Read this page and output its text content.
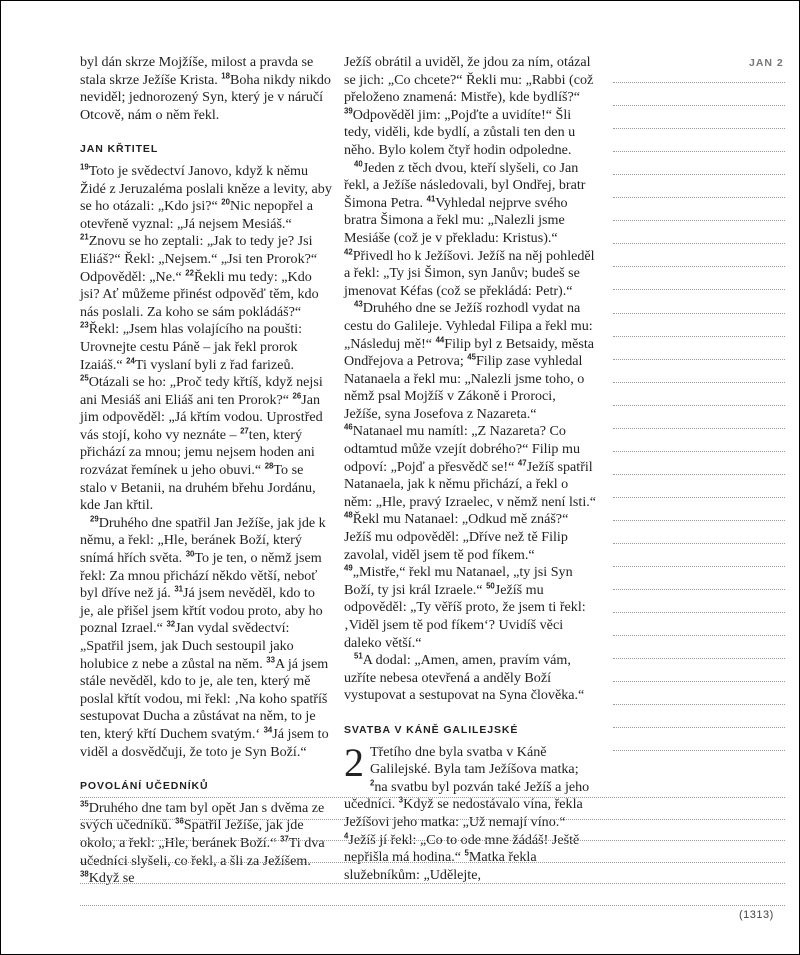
JAN 2

byl dán skrze Mojžíše, milost a pravda se stala skrze Ježíše Krista. $^{18}$Boha nikdy nikdo neviděl; jednorozený Syn, který je v náručí Otcově, nám o něm řekl.

JAN KŘTITEL

$^{19}$Toto je svědectví Janovo, když k němu Židé z Jeruzaléma poslali kněze a levity, aby se ho otázali: „Kdo jsi?“ $^{20}$Nic nepopřel a otevřeně vyznal: „Já nejsem Mesiáš.“ $^{21}$Znovu se ho zeptali: „Jak to tedy je? Jsi Eliáš?“ Řekl: „Nejsem.“ „Jsi ten Prorok?“ Odpověděl: „Ne.“ $^{22}$Řekli mu tedy: „Kdo jsi? Ať můžeme přinést odpověď těm, kdo nás poslali. Za koho se sám pokládáš?“ $^{23}$Řekl: „Jsem hlas volajícího na poušti: Urovnejte cestu Páně – jak řekl prorok Izaiáš.“ $^{24}$Ti vyslaní byli z řad farizeů. $^{25}$Otázali se ho: „Proč tedy křtíš, když nejsi ani Mesiáš ani Eliáš ani ten Prorok?“ $^{26}$Jan jim odpověděl: „Já křtím vodou. Uprostřed vás stojí, koho vy neznáte – $^{27}$ten, který přichází za mnou; jemu nejsem hoden ani rozvázat řemínek u jeho obuvi.“ $^{28}$To se stalo v Betanii, na druhém břehu Jordánu, kde Jan křtil.

$^{29}$Druhého dne spatřil Jan Ježíše, jak jde k němu, a řekl: „Hle, beránek Boží, který snímá hřích světa. $^{30}$To je ten, o němž jsem řekl: Za mnou přichází někdo větší, neboť byl dříve než já. $^{31}$Já jsem nevěděl, kdo to je, ale přišel jsem křtít vodou proto, aby ho poznal Izrael.“ $^{32}$Jan vydal svědectví: „Spatřil jsem, jak Duch sestoupil jako holubice z nebe a zůstal na něm. $^{33}$A já jsem stále nevěděl, kdo to je, ale ten, který mě poslal křtít vodou, mi řekl: ‚Na koho spatříš sestupovat Ducha a zůstávat na něm, to je ten, který křtí Duchem svatým.‘ $^{34}$Já jsem to viděl a dosvědčuji, že toto je Syn Boží.“

POVOLÁNÍ UČEDNÍKŮ

$^{35}$Druhého dne tam byl opět Jan s dvěma ze svých učedníků. $^{36}$Spatřil Ježíše, jak jde okolo, a řekl: „Hle, beránek Boží.“ $^{37}$Ti dva učedníci slyšeli, co řekl, a šli za Ježíšem. $^{38}$Když se

Ježíš obrátil a uviděl, že jdou za ním, otázal se jich: „Co chcete?“ Řekli mu: „Rabbi (což přeloženo znamená: Mistře), kde bydlíš?“ $^{39}$Odpověděl jim: „Pojďte a uvidíte!“ Šli tedy, viděli, kde bydlí, a zůstali ten den u něho. Bylo kolem čtyř hodin odpoledne.

$^{40}$Jeden z těch dvou, kteří slyšeli, co Jan řekl, a Ježíše následovali, byl Ondřej, bratr Šimona Petra. $^{41}$Vyhledal nejprve svého bratra Šimona a řekl mu: „Nalezli jsme Mesiáše (což je v překladu: Kristus).“ $^{42}$Přivedl ho k Ježíšovi. Ježíš na něj pohleděl a řekl: „Ty jsi Šimon, syn Janův; budeš se jmenovat Kéfas (což se překládá: Petr).“

$^{43}$Druhého dne se Ježíš rozhodl vydat na cestu do Galileje. Vyhledal Filipa a řekl mu: „Následuj mě!“ $^{44}$Filip byl z Betsaidy, města Ondřejova a Petrova; $^{45}$Filip zase vyhledal Natanaela a řekl mu: „Nalezli jsme toho, o němž psal Mojžíš v Zákoně i Proroci, Ježíše, syna Josefova z Nazareta.“ $^{46}$Natanael mu namítl: „Z Nazareta? Co odtamtud může vzejít dobrého?“ Filip mu odpoví: „Pojď a přesvědč se!“ $^{47}$Ježíš spatřil Natanaela, jak k němu přichází, a řekl o něm: „Hle, pravý Izraelec, v němž není lsti.“ $^{48}$Řekl mu Natanael: „Odkud mě znáš?“ Ježíš mu odpověděl: „Dříve než tě Filip zavolal, viděl jsem tě pod fíkem.“ $^{49}$„Mistře,“ řekl mu Natanael, „ty jsi Syn Boží, ty jsi král Izraele.“ $^{50}$Ježíš mu odpověděl: „Ty věříš proto, že jsem ti řekl: ‚Viděl jsem tě pod fíkem‘? Uvidíš věci daleko větší.“

$^{51}$A dodal: „Amen, amen, pravím vám, uzříte nebesa otevřená a anděly Boží vystupovat a sestupovat na Syna člověka.“

SVATBA V KÁNĚ GALILEJSKÉ

2 Třetího dne byla svatba v Káně Galilejské. Byla tam Ježíšova matka; $^2$na svatbu byl pozván také Ježíš a jeho učedníci. $^3$Když se nedostávalo vína, řekla Ježíšovi jeho matka: „Už nemají víno.“ $^4$Ježíš jí řekl: „Co to ode mne žádáš! Ještě nepřišla má hodina.“ $^5$Matka řekla služebníkům: „Udělejte,

(1313)
